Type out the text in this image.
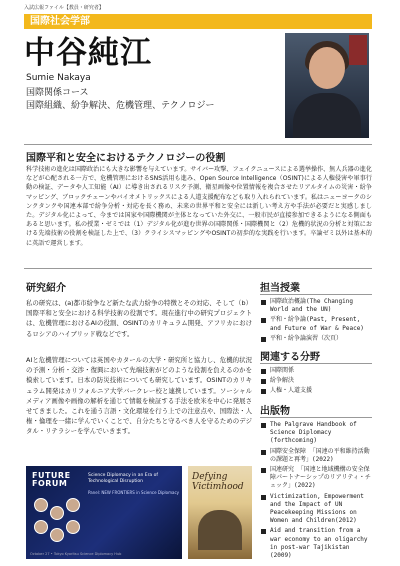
入試広報ファイル【教員・研究者】
国際社会学部
中谷純江
Sumie Nakaya
国際関係コース
国際組織、紛争解決、危機管理、テクノロジー
国際平和と安全におけるテクノロジーの役割

科学技術の進化は国際政治にも大きな影響を与えています。サイバー攻撃、フェイクニュースによる選挙操作、無人兵器の進化などが心配される一方で、危機管理におけるSNS活用も進み、Open Source Intelligence（OSINT)による人権侵害や軍事行動の検証、データや人工知能（AI）に導き出されるリスク予測、衛星画像や位置情報を複合させたリアルタイムの災害・紛争マッピング、ブロックチェーンやバイオメトリックスによる人道支援配布なども取り入れられています。私はニューヨークのシンクタンクや国連本部で紛争分析・対応を長く務め、未来の世界平和と安全には新しい考え方や手法が必要だと実感しました。デジタル化によって、今までは国家や国際機関が主体となっていた外交に、一般市民が直接参加できるようになる側面もあると思います。私の授業・ゼミでは（1）デジタル化が進む世界の国際関係・国際機関と（2）危機的状況の分析と対策における先端技術の役割を検証した上で、（3）クライシスマッピングやOSINTの初歩的な実践を行います。卒論ゼミ以外は基本的に英語で運営します。

研究紹介

私の研究は、(a)都市紛争など新たな武力紛争の特徴とその対応、そして（b）国際平和と安全における科学技術の役割です。現在進行中の研究プロジェクトは、危機管理におけるAIの役割、OSINTのカリキュラム開発、アフリカにおけるロシアのハイブリッド戦などです。

AIと危機管理については英国やカタールの大学・研究所と協力し、危機的状況の予測・分析・交渉・復興において先端技術がどのような役割を負えるのかを模索しています。日本の防災技術についても研究しています。OSINTのカリキュラム開発はカリフォルニア大学バークレー校と連携しています。ソーシャルメディア画像や画像の解析を通じて情報を検証する手法を欧米を中心に発展させてきました。これを通う言語・文化環境を行う上での注意点や、国際法・人権・倫理を一緒に学んでいくことで、自分たちと守るべき人を守るためのデジタル・リテラシーを学んでいきます。

担当授業
国際政治概論(The Changing World and the UN)
平和・紛争論(Past, Present, and Future of War & Peace)
平和・紛争論演習（次頁）
関連する分野
国際関係
紛争解決
人権・人道支援
出版物
The Palgrave Handbook of Science Diplomacy (forthcoming)
国際安全保障 「国連の平和維持活動の課題と再考」(2022)
国連研究 「国連と地域機構の安全保障パートナーシップのリアリティ・チェック」(2022)
Victimization, Empowerment and the Impact of UN Peacekeeping Missions on Women and Children(2012)
Aid and transition from a war economy to an oligarchy in post-war Tajikistan (2009)
FUTURE
FORUM
Science Diplomacy in an Era of Technological Disruption
Panel: NEW FRONTIERS in Science Diplomacy
October 27 • Tokyo Kyoritsu Science Diplomacy Hub
Defying Victimhood
